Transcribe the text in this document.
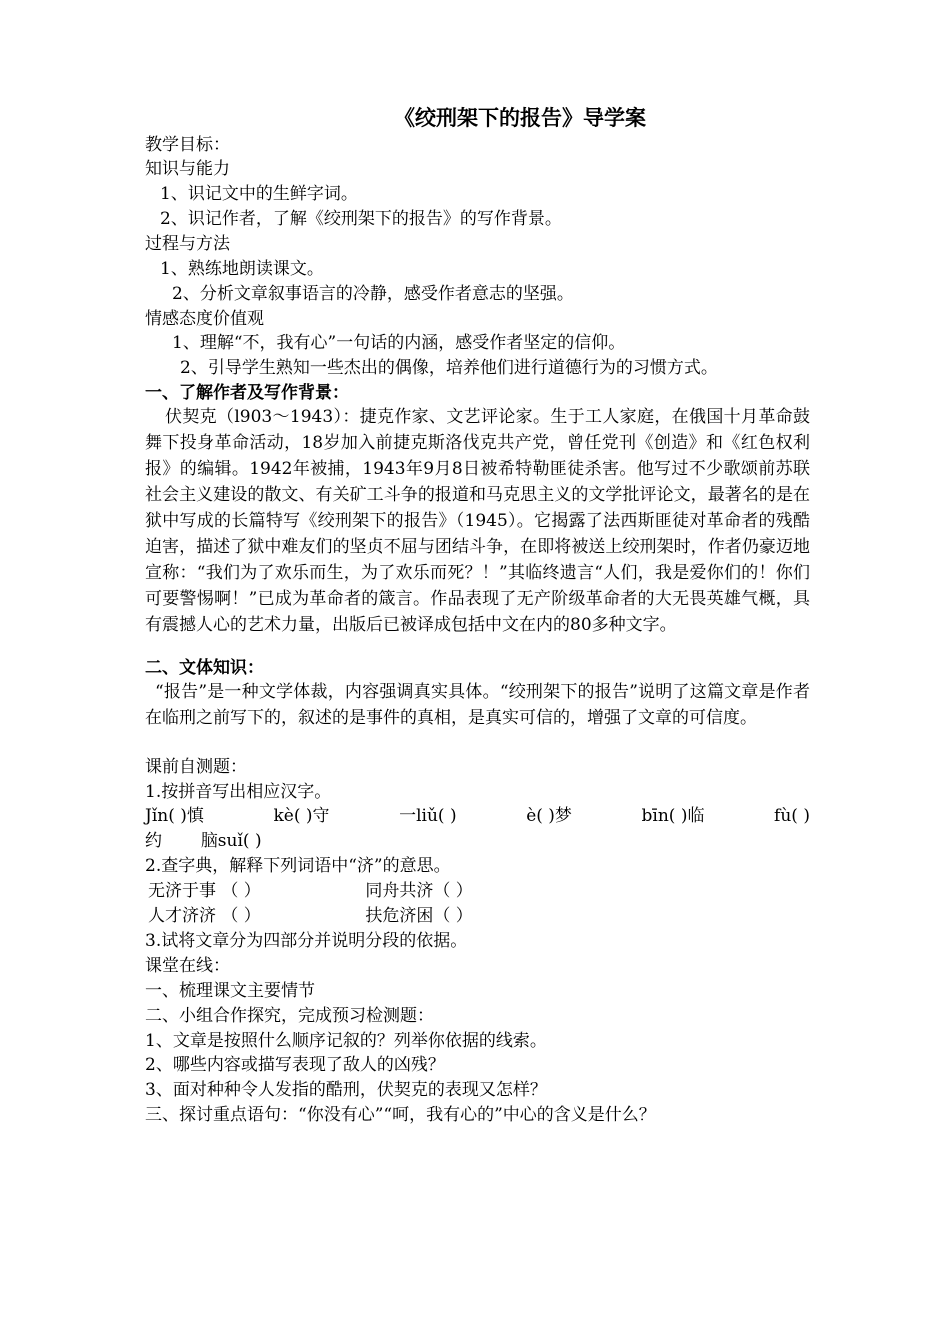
《绞刑架下的报告》导学案
教学目标：
知识与能力
1、识记文中的生鲜字词。
2、识记作者，了解《绞刑架下的报告》的写作背景。
过程与方法
1、熟练地朗读课文。
2、分析文章叙事语言的冷静，感受作者意志的坚强。
情感态度价值观
1、理解“不，我有心”一句话的内涵，感受作者坚定的信仰。
2、引导学生熟知一些杰出的偶像，培养他们进行道德行为的习惯方式。
一、了解作者及写作背景：
伏契克（l903～1943）：捷克作家、文艺评论家。生于工人家庭，在俄国十月革命鼓舞下投身革命活动，18岁加入前捷克斯洛伐克共产党，曾任党刊《创造》和《红色权利报》的编辑。1942年被捕，1943年9月8日被希特勒匪徒杀害。他写过不少歌颂前苏联社会主义建设的散文、有关矿工斗争的报道和马克思主义的文学批评论文，最著名的是在狱中写成的长篇特写《绞刑架下的报告》（1945）。它揭露了法西斯匪徒对革命者的残酷迫害，描述了狱中难友们的坚贞不屈与团结斗争，在即将被送上绞刑架时，作者仍豪迈地宣称：“我们为了欢乐而生，为了欢乐而死？！”其临终遗言“人们，我是爱你们的！你们可要警惕啊！”已成为革命者的箴言。作品表现了无产阶级革命者的大无畏英雄气概，具有震撼人心的艺术力量，出版后已被译成包括中文在内的80多种文字。
二、文体知识：
“报告”是一种文学体裁，内容强调真实具体。“绞刑架下的报告”说明了这篇文章是作者在临刑之前写下的，叙述的是事件的真相，是真实可信的，增强了文章的可信度。
课前自测题：
1.按拼音写出相应汉字。
Jǐn( )慎	kè( )守	一liǔ( )	è( )梦	bīn( )临	fù( )
约 脑suǐ( )
2.查字典，解释下列词语中“济”的意思。
无济于事 （ ）	同舟共济（ ）
人才济济 （ ）	扶危济困（ ）
3.试将文章分为四部分并说明分段的依据。
课堂在线：
一、梳理课文主要情节
二、小组合作探究，完成预习检测题：
1、文章是按照什么顺序记叙的？列举你依据的线索。
2、哪些内容或描写表现了敌人的凶残？
3、面对种种令人发指的酷刑，伏契克的表现又怎样？
三、探讨重点语句：“你没有心”“呵，我有心的”中心的含义是什么？
